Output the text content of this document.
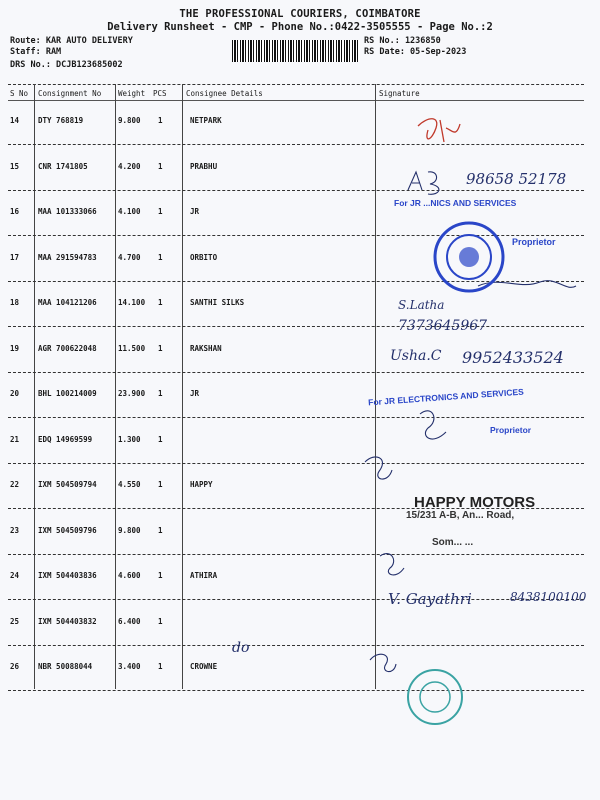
THE PROFESSIONAL COURIERS, COIMBATORE
Delivery Runsheet - CMP - Phone No.:0422-3505555 - Page No.:2
Route: KAR AUTO DELIVERY
Staff: RAM
DRS No.: DCJB123685002
RS No.: 1236850
RS Date: 05-Sep-2023
S No Consignment No Weight PCS	Consignee Details	Signature
14	DTY 768819	9.800 1	NETPARK
15	CNR 1741805	4.200 1	PRABHU
16	MAA 101333066	4.100 1	JR
17	MAA 291594783	4.700 1	ORBITO
18	MAA 104121206	14.100 1	SANTHI SILKS
19	AGR 700622048	11.500 1	RAKSHAN
20	BHL 100214009	23.900 1	JR
21	EDQ 14969599	1.300 1
22	IXM 504509794	4.550 1	HAPPY
23	IXM 504509796	9.800 1
24	IXM 504403836	4.600 1	ATHIRA
25	IXM 504403832	6.400 1
26	NBR 50088044	3.400 1	CROWNE
98658 52178
S.Latha
7373645967
Usha.C 9952433524
V. Gayathri	8438100100
do
For JR ...NICS AND SERVICES
Proprietor
For JR ELECTRONICS AND SERVICES
Proprietor
HAPPY MOTORS
15/231 A-B, An... Road,
Som... ...
